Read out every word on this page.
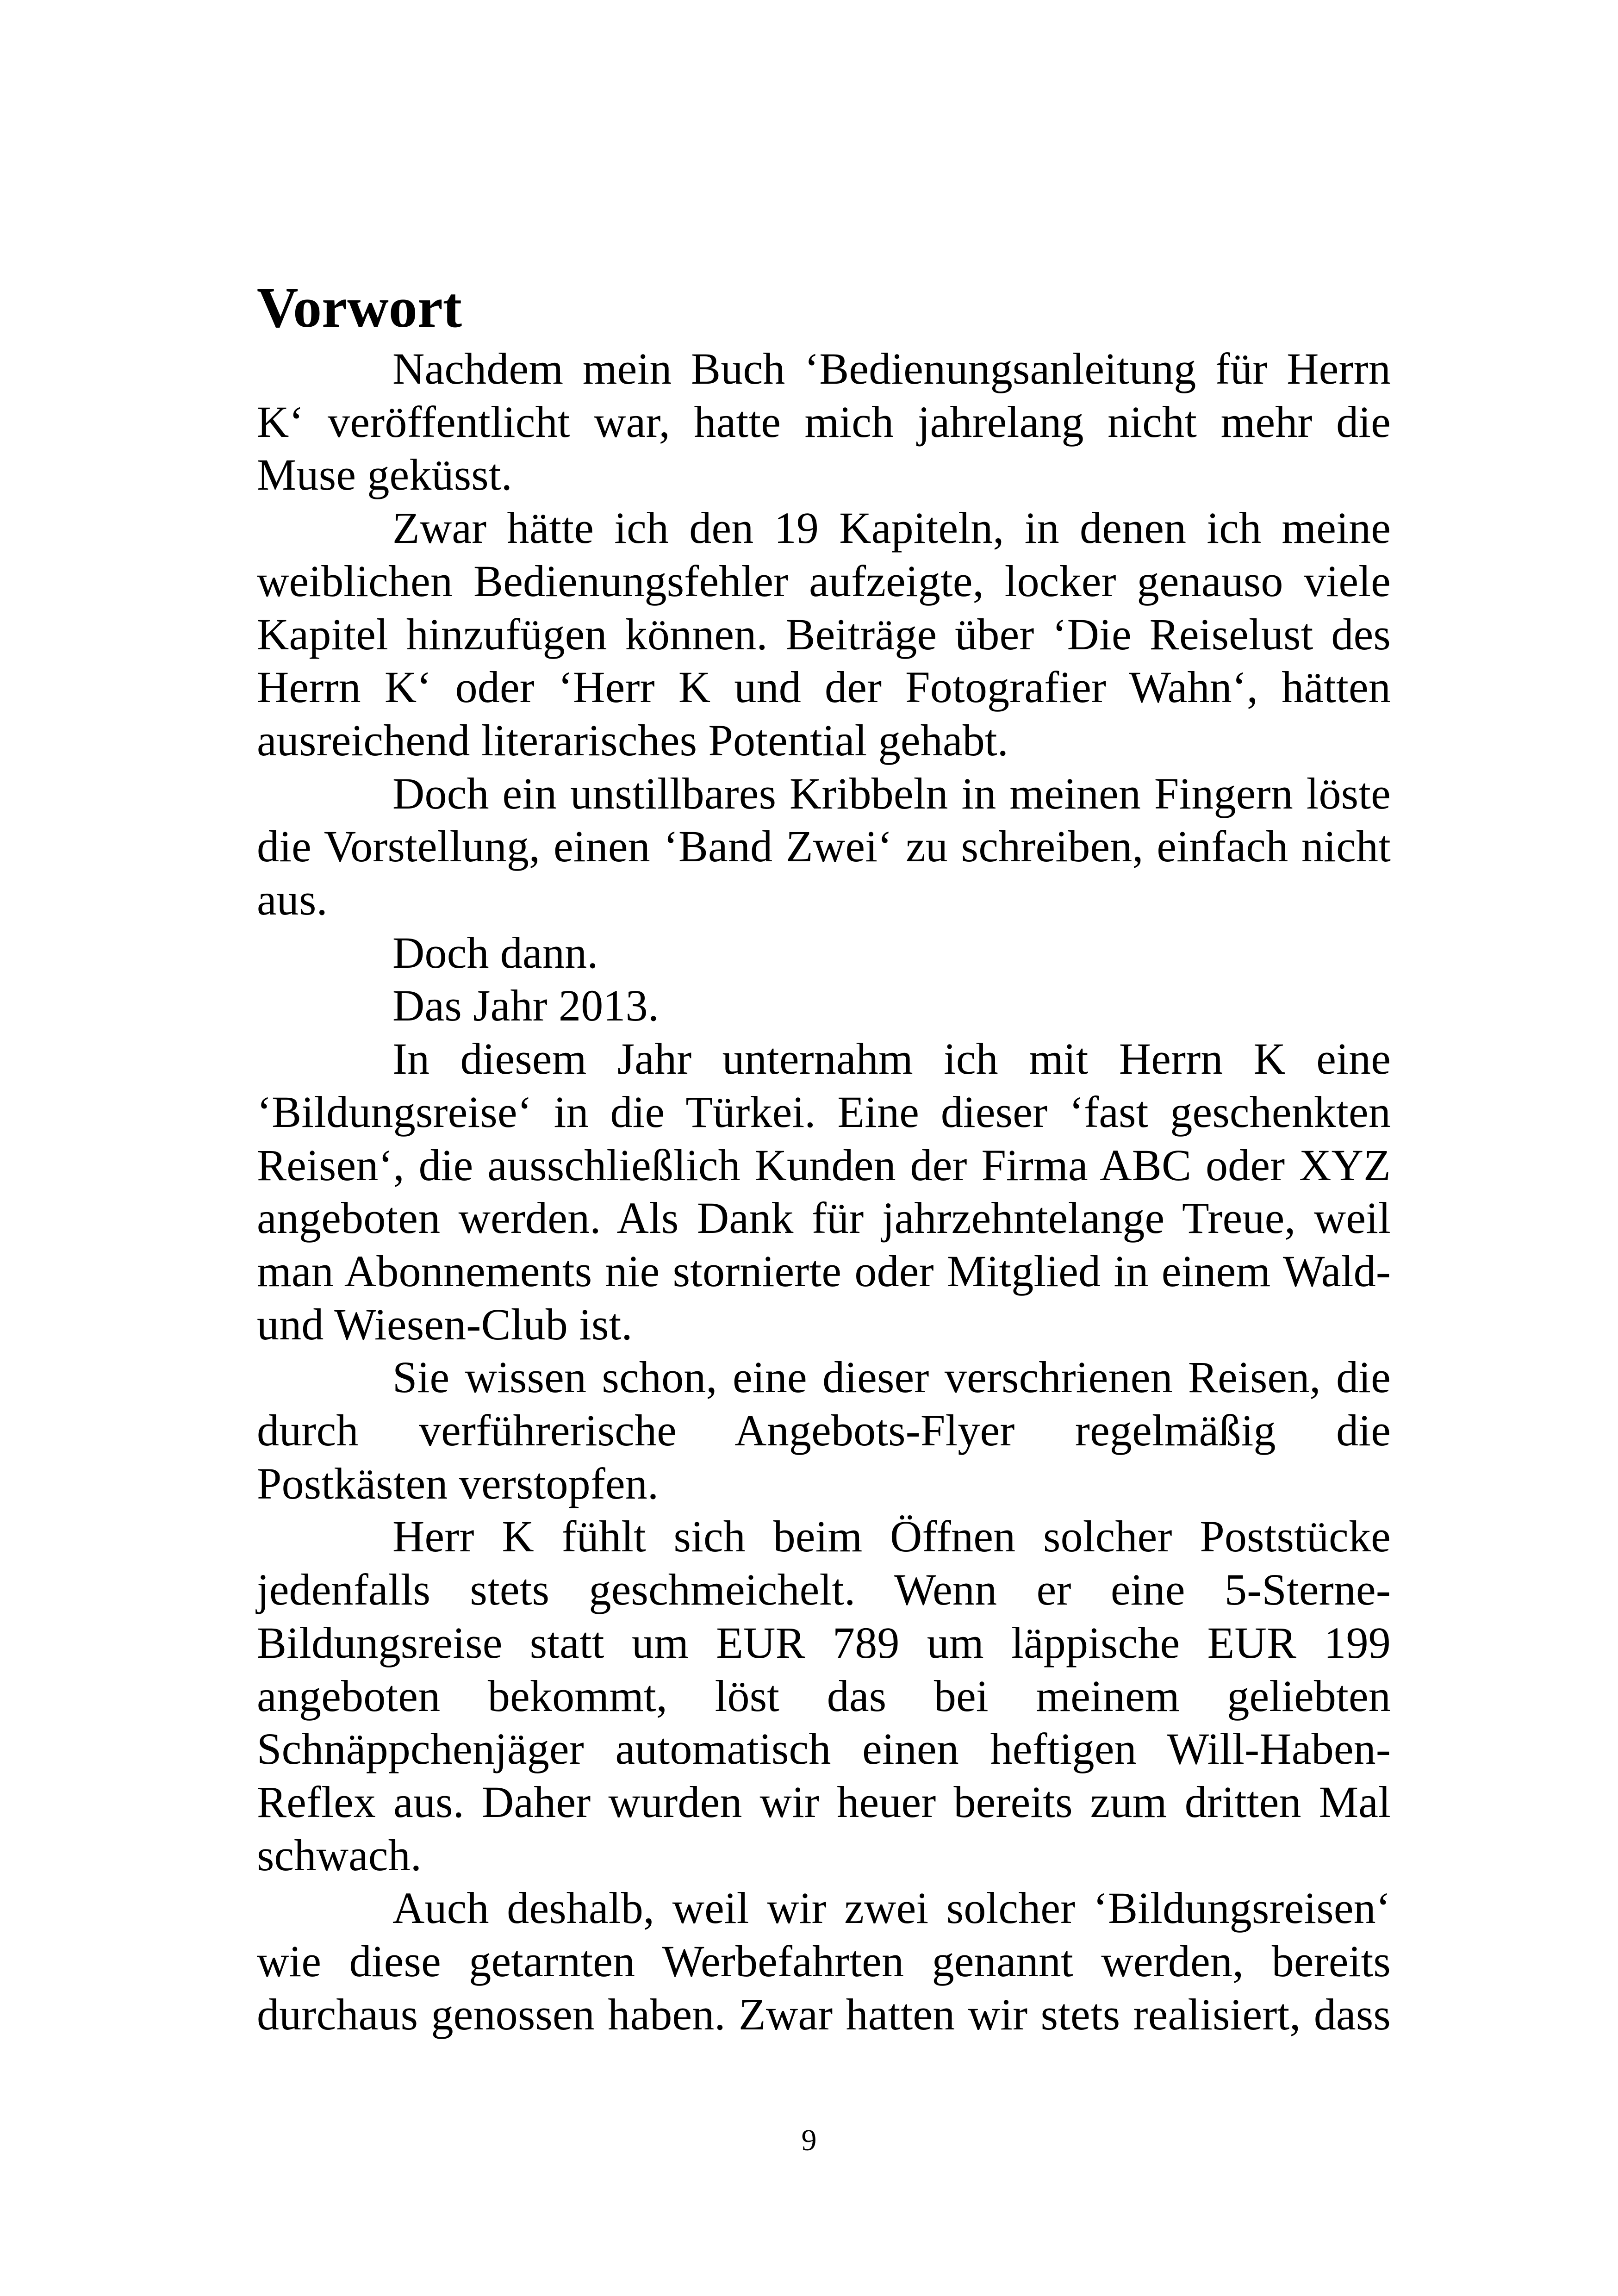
Vorwort

Nachdem mein Buch ‘Bedienungsanleitung für Herrn K‘ veröffentlicht war, hatte mich jahrelang nicht mehr die Muse geküsst.

Zwar hätte ich den 19 Kapiteln, in denen ich meine weiblichen Bedienungsfehler aufzeigte, locker genauso viele Kapitel hinzufügen können. Beiträge über ‘Die Reiselust des Herrn K‘ oder ‘Herr K und der Fotografier Wahn‘, hätten ausreichend literarisches Potential gehabt.

Doch ein unstillbares Kribbeln in meinen Fingern löste die Vorstellung, einen ‘Band Zwei‘ zu schreiben, einfach nicht aus.

Doch dann.

Das Jahr 2013.

In diesem Jahr unternahm ich mit Herrn K eine ‘Bildungsreise‘ in die Türkei. Eine dieser ‘fast geschenkten Reisen‘, die ausschließlich Kunden der Firma ABC oder XYZ angeboten werden. Als Dank für jahrzehntelange Treue, weil man Abonnements nie stornierte oder Mitglied in einem Wald- und Wiesen-Club ist.

Sie wissen schon, eine dieser verschrienen Reisen, die durch verführerische Angebots-Flyer regelmäßig die Postkästen verstopfen.

Herr K fühlt sich beim Öffnen solcher Poststücke jedenfalls stets geschmeichelt. Wenn er eine 5-Sterne-Bildungsreise statt um EUR 789 um läppische EUR 199 angeboten bekommt, löst das bei meinem geliebten Schnäppchenjäger automatisch einen heftigen Will-Haben-Reflex aus. Daher wurden wir heuer bereits zum dritten Mal schwach.

Auch deshalb, weil wir zwei solcher ‘Bildungsreisen‘ wie diese getarnten Werbefahrten genannt werden, bereits durchaus genossen haben. Zwar hatten wir stets realisiert, dass

9
